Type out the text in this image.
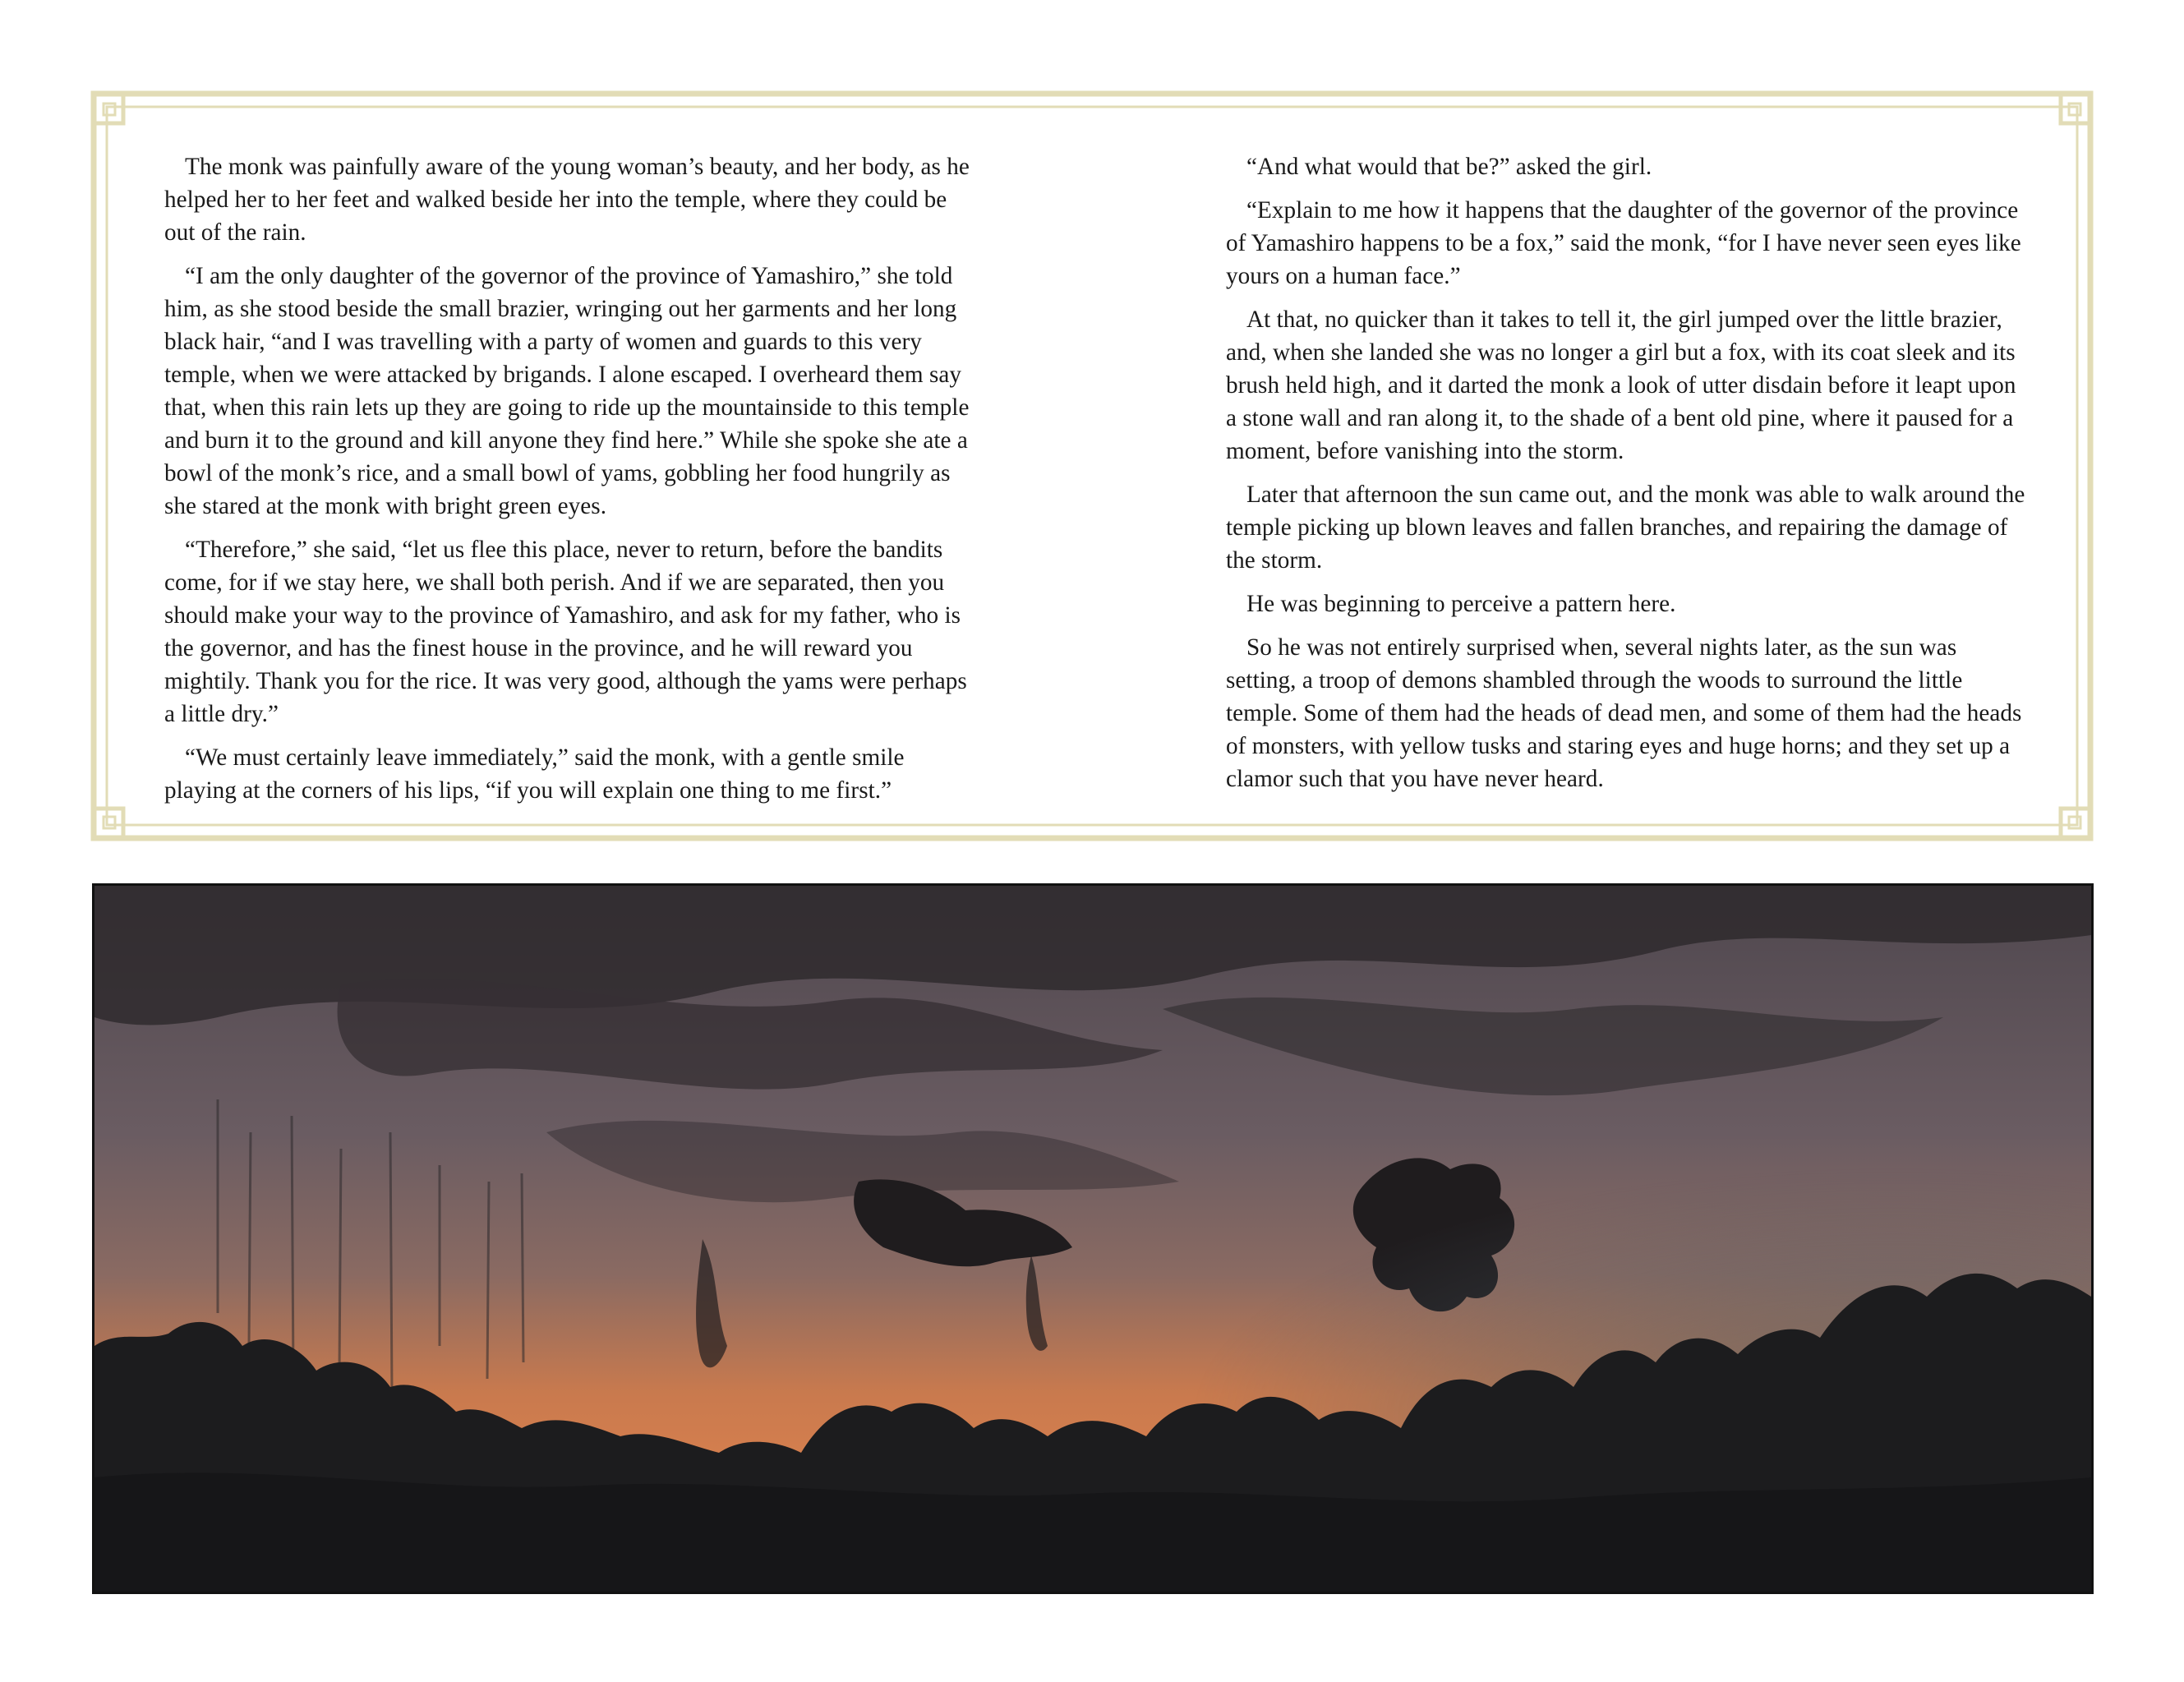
The monk was painfully aware of the young woman’s beauty, and her body, as he helped her to her feet and walked beside her into the temple, where they could be out of the rain.

“I am the only daughter of the governor of the province of Yamashiro,” she told him, as she stood beside the small brazier, wringing out her garments and her long black hair, “and I was travelling with a party of women and guards to this very temple, when we were attacked by brigands. I alone escaped. I overheard them say that, when this rain lets up they are going to ride up the mountainside to this temple and burn it to the ground and kill anyone they find here.” While she spoke she ate a bowl of the monk’s rice, and a small bowl of yams, gobbling her food hungrily as she stared at the monk with bright green eyes.

“Therefore,” she said, “let us flee this place, never to return, before the bandits come, for if we stay here, we shall both perish. And if we are separated, then you should make your way to the province of Yamashiro, and ask for my father, who is the governor, and has the finest house in the province, and he will reward you mightily. Thank you for the rice. It was very good, although the yams were perhaps a little dry.”

“We must certainly leave immediately,” said the monk, with a gentle smile playing at the corners of his lips, “if you will explain one thing to me first.”

“And what would that be?” asked the girl.

“Explain to me how it happens that the daughter of the governor of the province of Yamashiro happens to be a fox,” said the monk, “for I have never seen eyes like yours on a human face.”

At that, no quicker than it takes to tell it, the girl jumped over the little brazier, and, when she landed she was no longer a girl but a fox, with its coat sleek and its brush held high, and it darted the monk a look of utter disdain before it leapt upon a stone wall and ran along it, to the shade of a bent old pine, where it paused for a moment, before vanishing into the storm.

Later that afternoon the sun came out, and the monk was able to walk around the temple picking up blown leaves and fallen branches, and repairing the damage of the storm.

He was beginning to perceive a pattern here.

So he was not entirely surprised when, several nights later, as the sun was setting, a troop of demons shambled through the woods to surround the little temple. Some of them had the heads of dead men, and some of them had the heads of monsters, with yellow tusks and staring eyes and huge horns; and they set up a clamor such that you have never heard.
